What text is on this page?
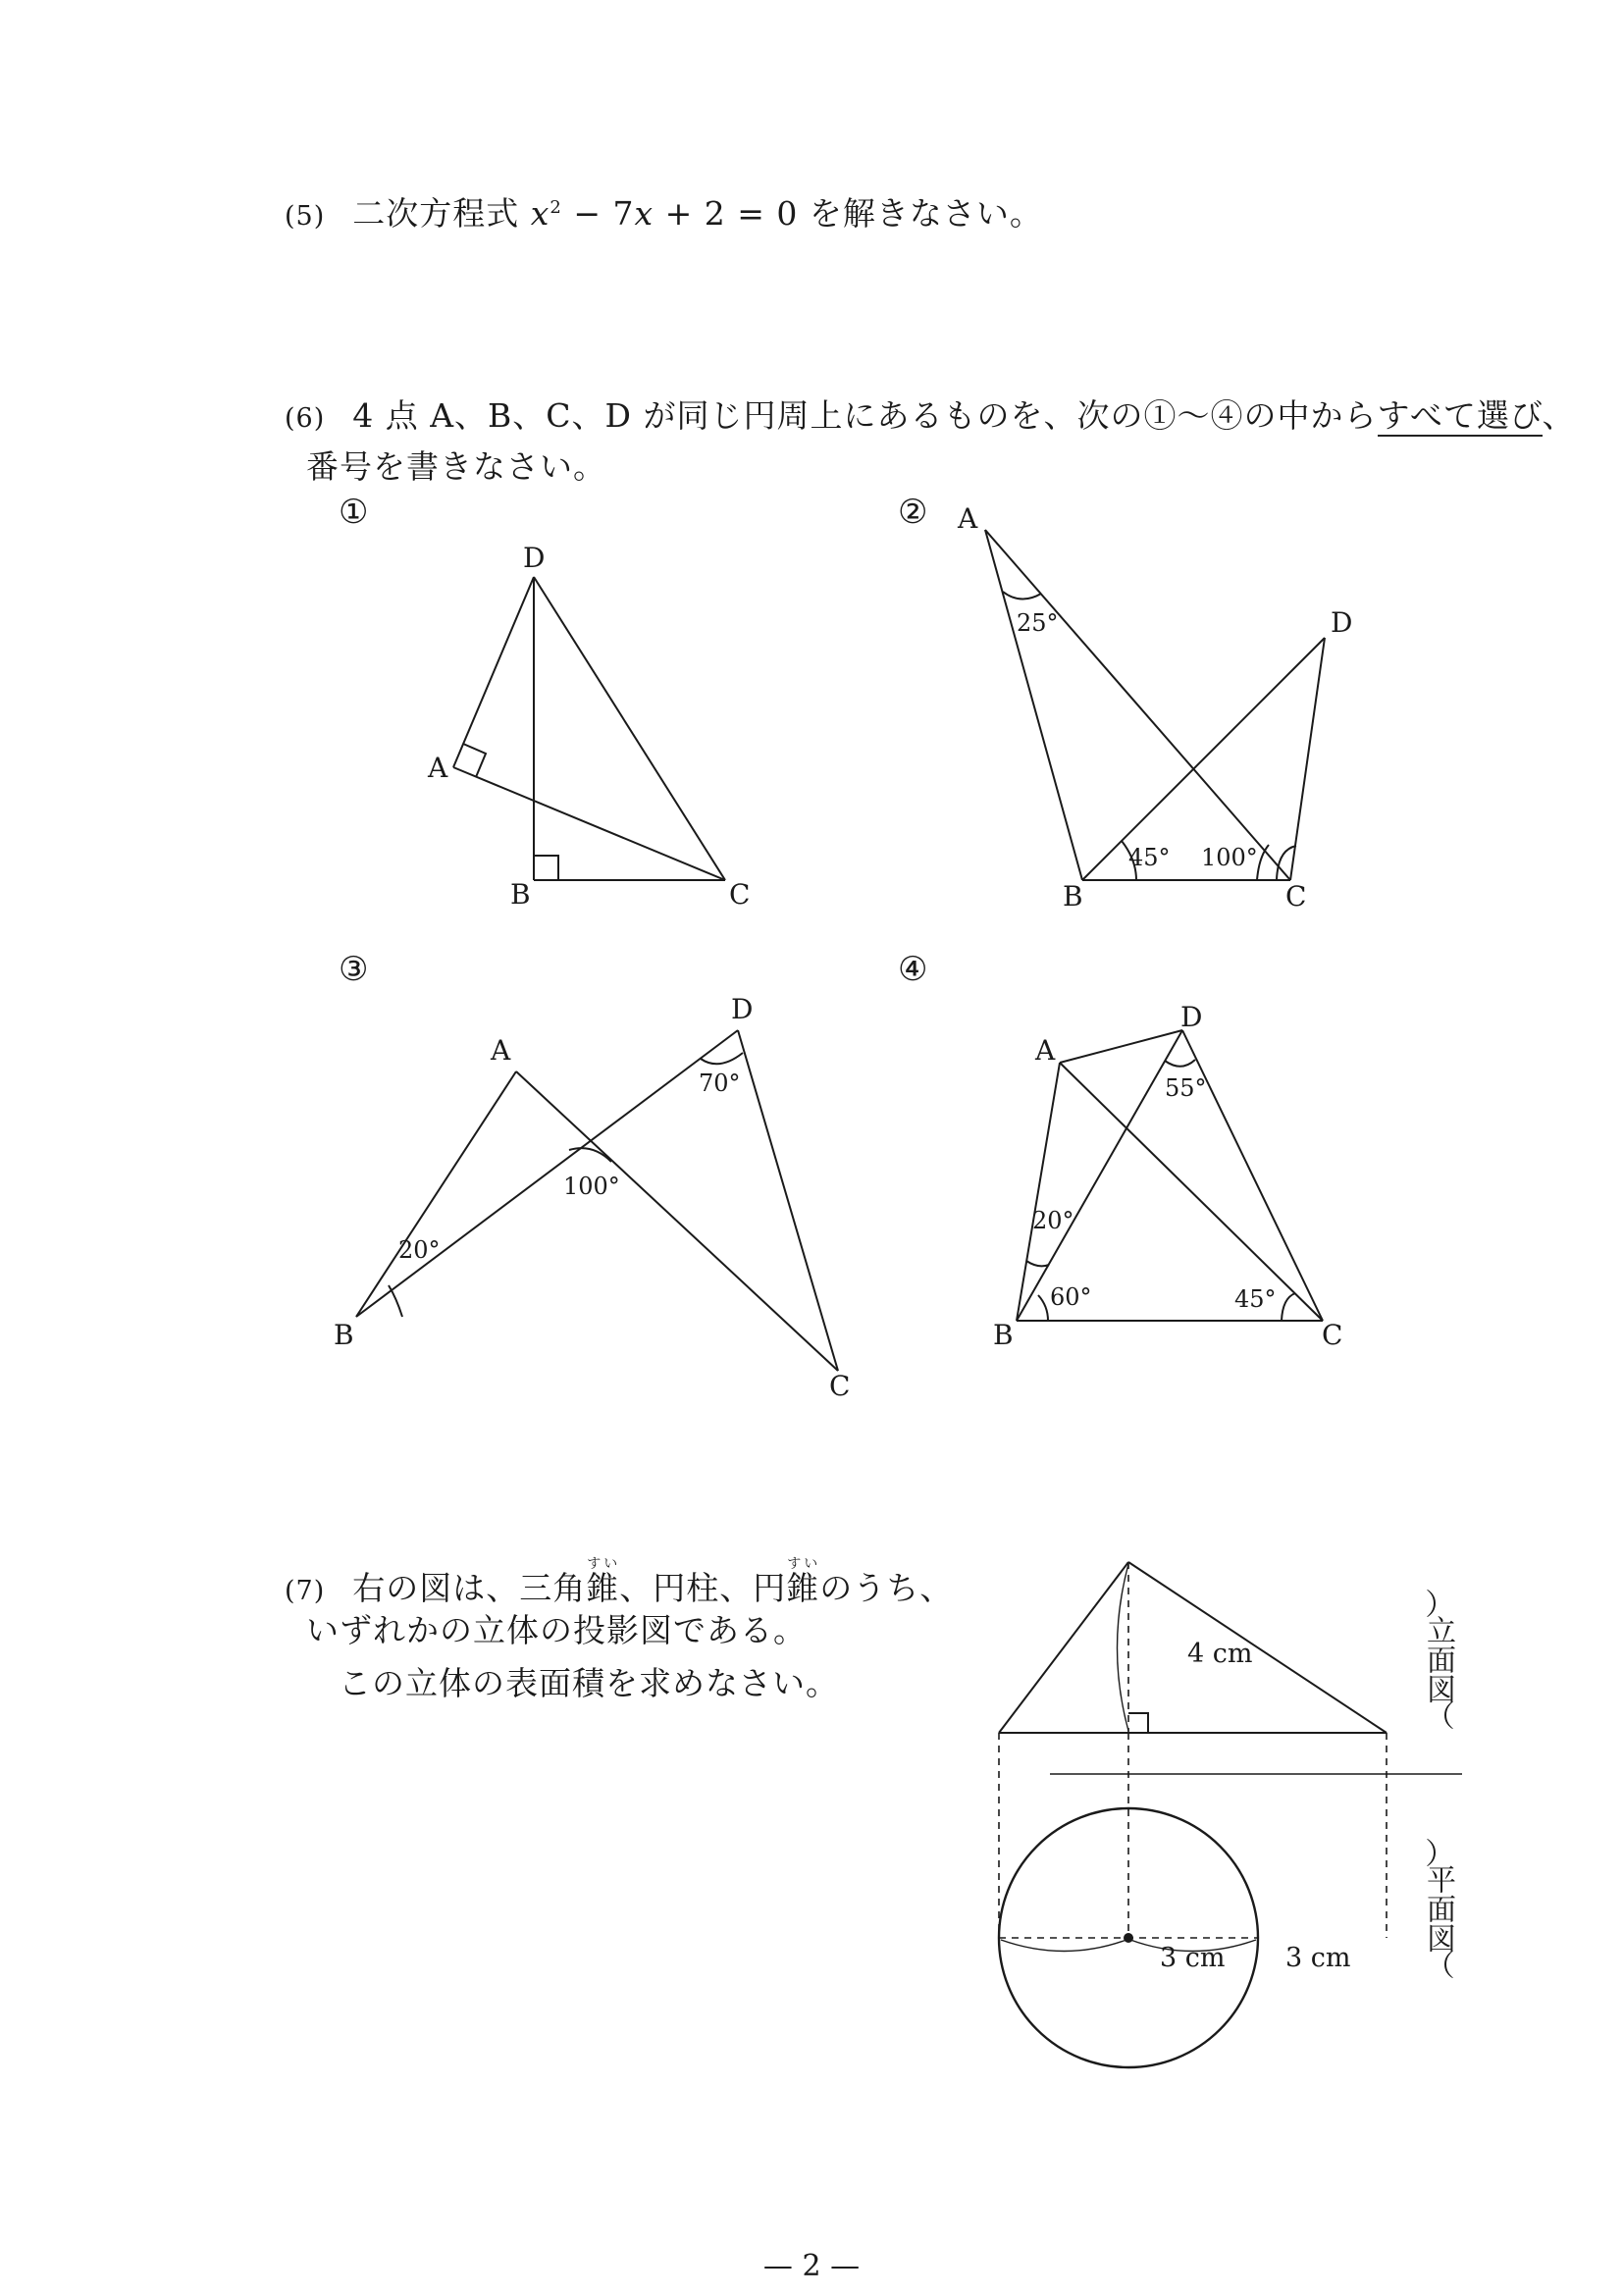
(5) 二次方程式 $x^2 - 7x + 2 = 0$ を解きなさい。
(6) 4 点 A、B、C、D が同じ円周上にあるものを、次の①〜④の中からすべて選び、
番号を書きなさい。
①	②
③	④
D
A
B	C
A
B	C
D
25°
45° 100°
A
B
C
D
20°
70°
100°
A
B	C
D
55°
20°
60°	45°
4 cm
3 cm 3 cm
(7) 右の図は、三角錐すい、円柱、円錐すいのうち、
いずれかの立体の投影図である。
この立体の表面積を求めなさい。
︵
立面図
︶
︵
平面図
︶
— 2 —
